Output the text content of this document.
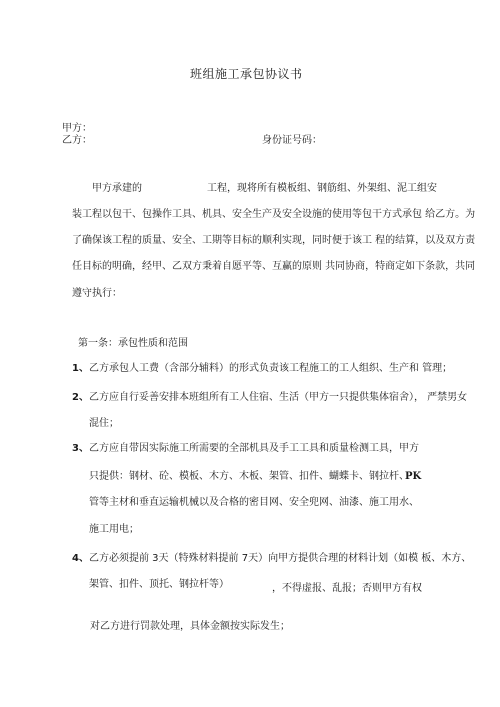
班组施工承包协议书
甲方：
乙方：	身份证号码：
甲方承建的	工程，现将所有模板组、钢筋组、外架组、泥工组安
装工程以包干、包操作工具、机具、安全生产及安全设施的使用等包干方式承包 给乙方。为
了确保该工程的质量、安全、工期等目标的顺利实现，同时便于该工 程的结算，以及双方责
任目标的明确，经甲、乙双方秉着自愿平等、互赢的原则 共同协商，特商定如下条款，共同
遵守执行：
第一条：承包性质和范围
1、 乙方承包人工费（含部分辅料）的形式负责该工程施工的工人组织、生产和 管理；
2、 乙方应自行妥善安排本班组所有工人住宿、生活（甲方一只提供集体宿舍）， 严禁男女
混住；
3、 乙方应自带因实际施工所需要的全部机具及手工工具和质量检测工具，甲方
只提供：钢材、砼、模板、木方、木板、架管、扣件、蝴蝶卡、钢拉杆、
PK
管等主材和垂直运输机械以及合格的密目网、安全兜网、油漆、施工用水、
施工用电；
4、 乙方必须提前 3天（特殊材料提前 7天）向甲方提供合理的材料计划（如模 板、木方、
架管、扣件、顶托、钢拉杆等）	，不得虚报、乱报；否则甲方有权
对乙方进行罚款处理，具体金额按实际发生；
